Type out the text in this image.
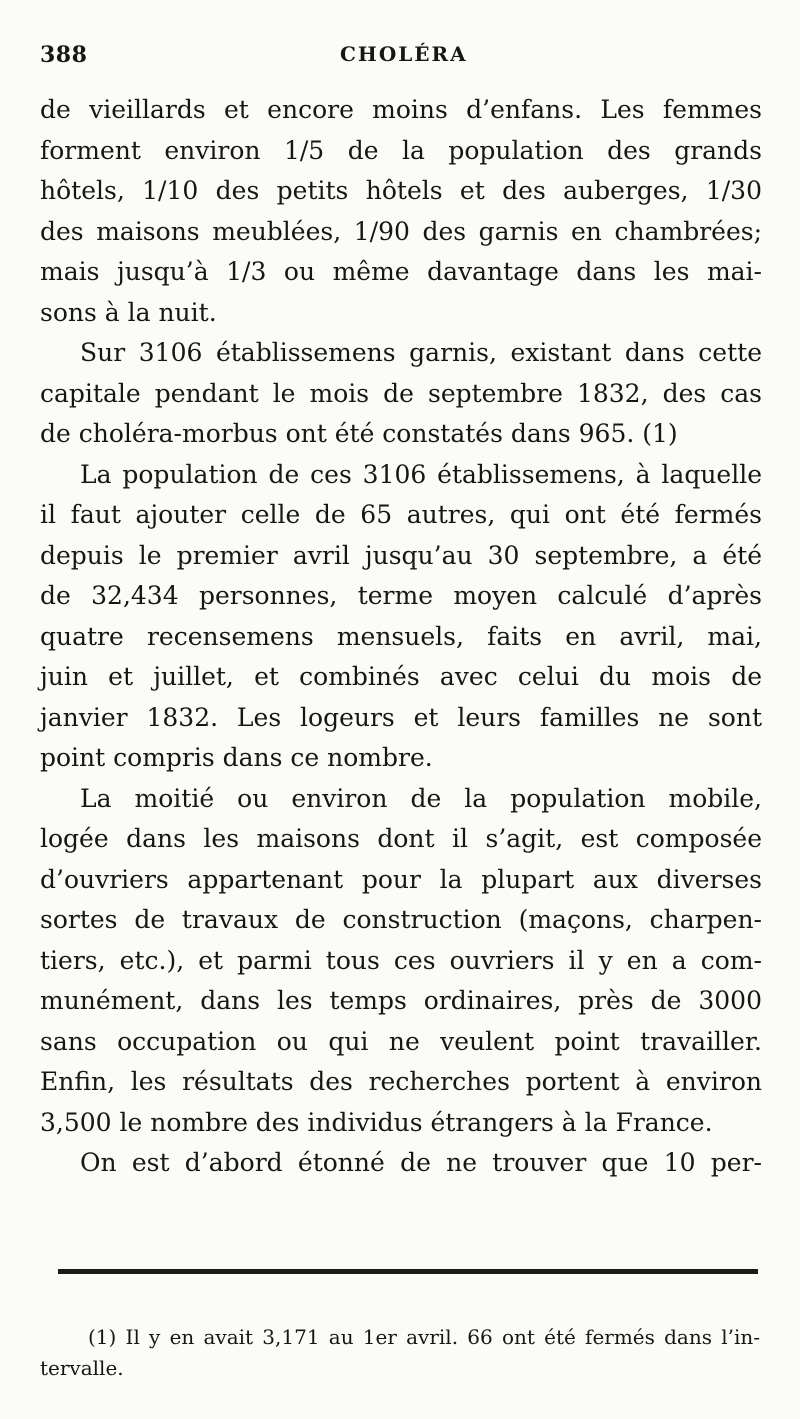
388	CHOLÉRA
de vieillards et encore moins d’enfans. Les femmes
forment environ 1/5 de la population des grands
hôtels, 1/10 des petits hôtels et des auberges, 1/30
des maisons meublées, 1/90 des garnis en chambrées;
mais jusqu’à 1/3 ou même davantage dans les mai-
sons à la nuit.
Sur 3106 établissemens garnis, existant dans cette
capitale pendant le mois de septembre 1832, des cas
de choléra-morbus ont été constatés dans 965. (1)
La population de ces 3106 établissemens, à laquelle
il faut ajouter celle de 65 autres, qui ont été fermés
depuis le premier avril jusqu’au 30 septembre, a été
de 32,434 personnes, terme moyen calculé d’après
quatre recensemens mensuels, faits en avril, mai,
juin et juillet, et combinés avec celui du mois de
janvier 1832. Les logeurs et leurs familles ne sont
point compris dans ce nombre.
La moitié ou environ de la population mobile,
logée dans les maisons dont il s’agit, est composée
d’ouvriers appartenant pour la plupart aux diverses
sortes de travaux de construction (maçons, charpen-
tiers, etc.), et parmi tous ces ouvriers il y en a com-
munément, dans les temps ordinaires, près de 3000
sans occupation ou qui ne veulent point travailler.
Enfin, les résultats des recherches portent à environ
3,500 le nombre des individus étrangers à la France.
On est d’abord étonné de ne trouver que 10 per-
(1) Il y en avait 3,171 au 1er avril. 66 ont été fermés dans l’in-
tervalle.
